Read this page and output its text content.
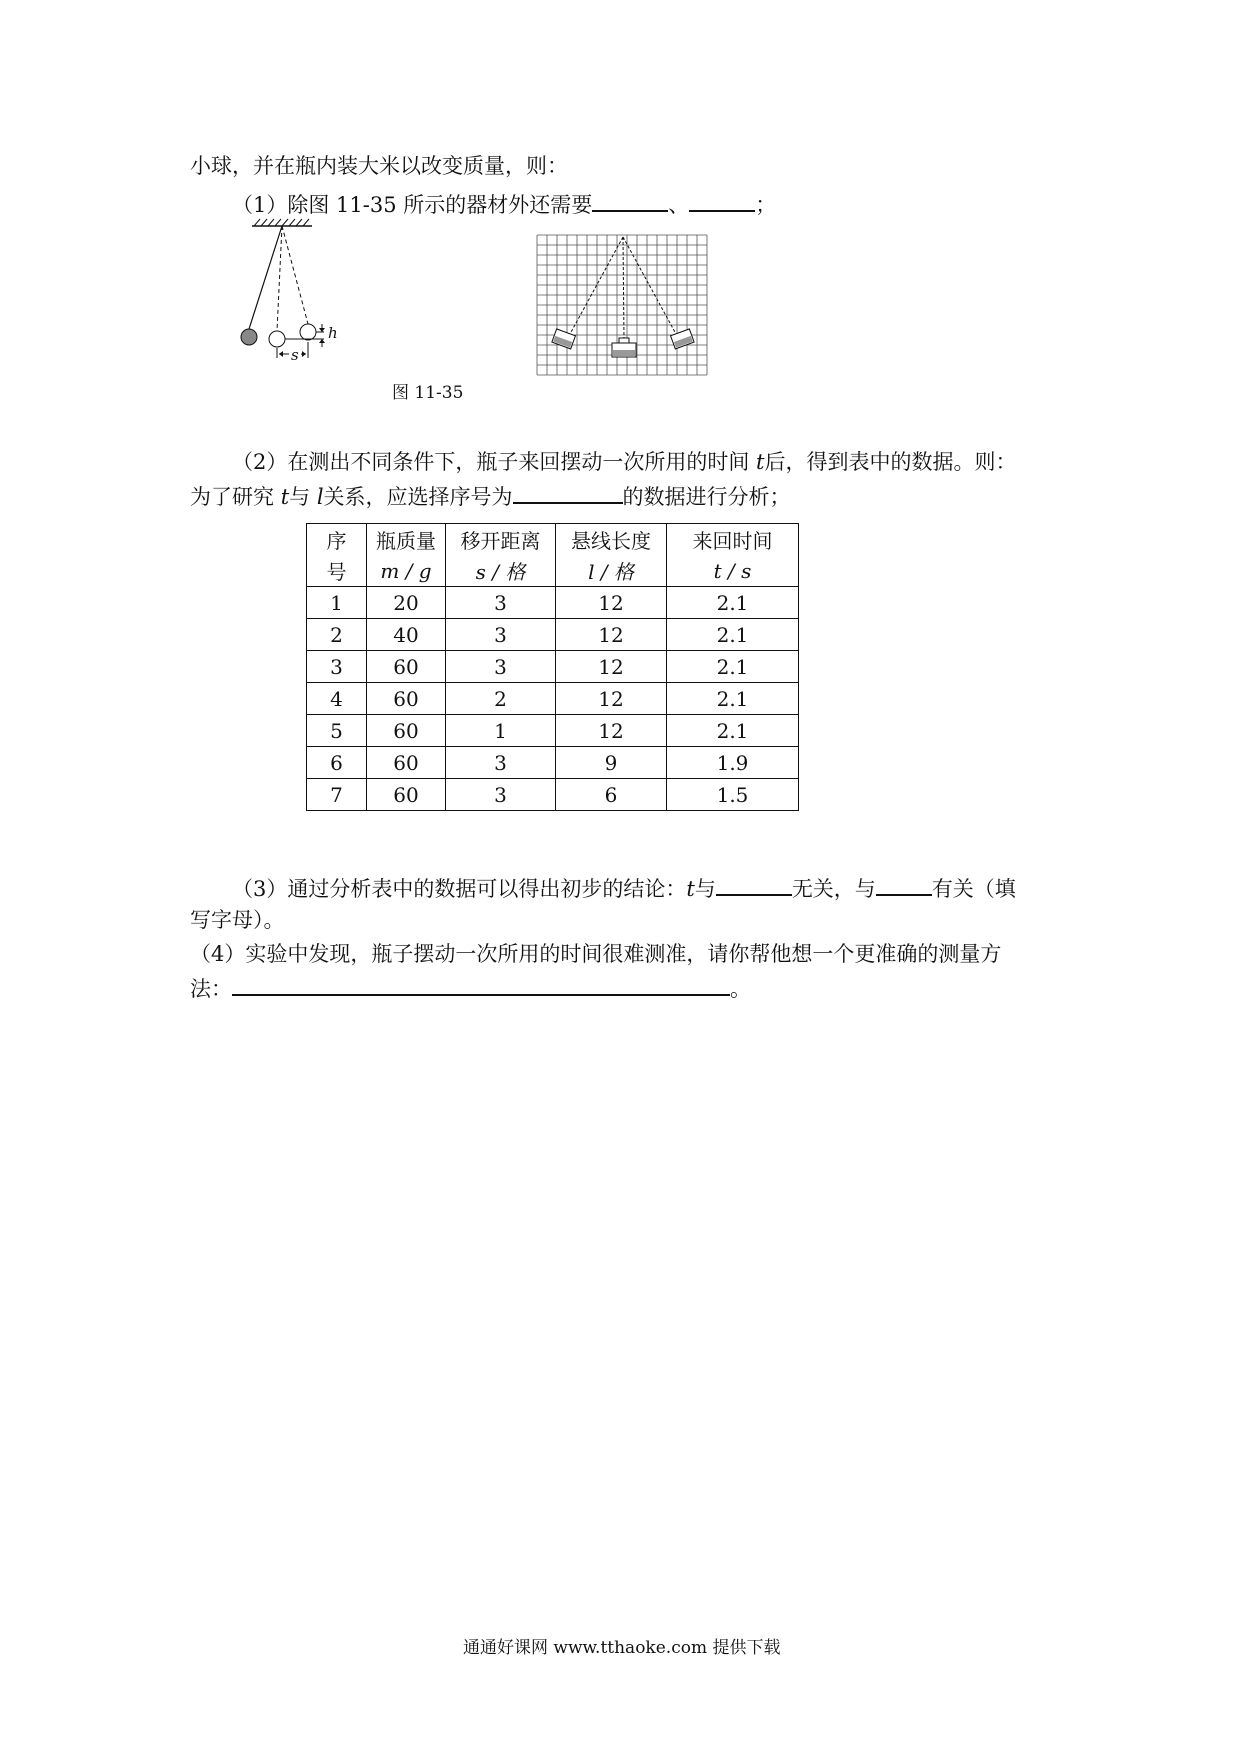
小球，并在瓶内装大米以改变质量，则：
（1）除图 11-35 所示的器材外还需要	、	；
h
s
图 11-35
（2）在测出不同条件下，瓶子来回摆动一次所用的时间 t后，得到表中的数据。则：
为了研究 t与 l关系，应选择序号为	的数据进行分析；
序	瓶质量	移开距离	悬线长度	来回时间
号	m / g	s / 格	l / 格	t / s
1	20	3	12	2.1
2	40	3	12	2.1
3	60	3	12	2.1
4	60	2	12	2.1
5	60	1	12	2.1
6	60	3	9	1.9
7	60	3	6	1.5
（3）通过分析表中的数据可以得出初步的结论：t与	无关，与	有关（填
写字母）。
（4）实验中发现，瓶子摆动一次所用的时间很难测准，请你帮他想一个更准确的测量方
法：	。
通通好课网 www.tthaoke.com 提供下载
